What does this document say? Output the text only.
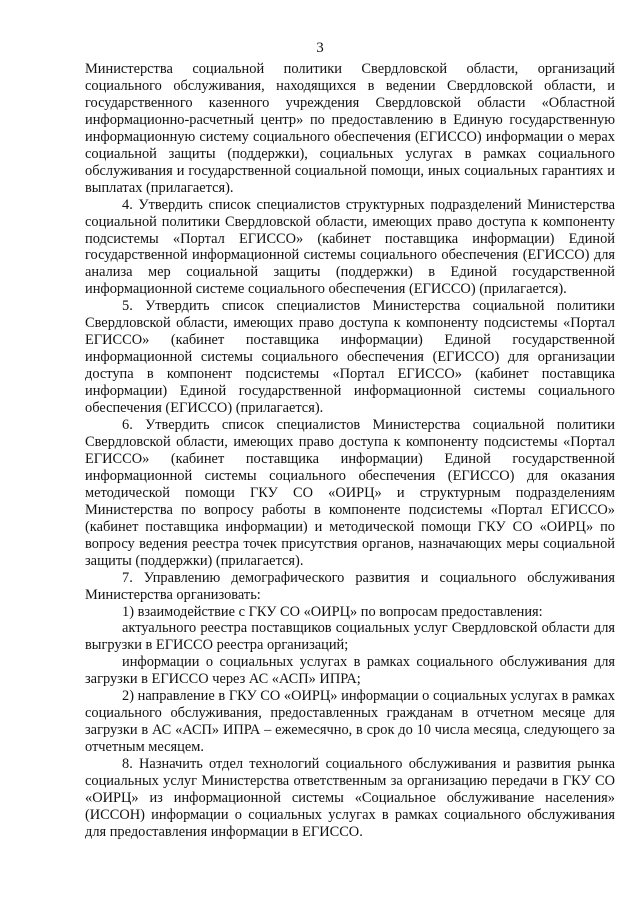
3

Министерства социальной политики Свердловской области, организаций социального обслуживания, находящихся в ведении Свердловской области, и государственного казенного учреждения Свердловской области «Областной информационно-расчетный центр» по предоставлению в Единую государственную информационную систему социального обеспечения (ЕГИССО) информации о мерах социальной защиты (поддержки), социальных услугах в рамках социального обслуживания и государственной социальной помощи, иных социальных гарантиях и выплатах (прилагается).

4. Утвердить список специалистов структурных подразделений Министерства социальной политики Свердловской области, имеющих право доступа к компоненту подсистемы «Портал ЕГИССО» (кабинет поставщика информации) Единой государственной информационной системы социального обеспечения (ЕГИССО) для анализа мер социальной защиты (поддержки) в Единой государственной информационной системе социального обеспечения (ЕГИССО) (прилагается).

5. Утвердить список специалистов Министерства социальной политики Свердловской области, имеющих право доступа к компоненту подсистемы «Портал ЕГИССО» (кабинет поставщика информации) Единой государственной информационной системы социального обеспечения (ЕГИССО) для организации доступа в компонент подсистемы «Портал ЕГИССО» (кабинет поставщика информации) Единой государственной информационной системы социального обеспечения (ЕГИССО) (прилагается).

6. Утвердить список специалистов Министерства социальной политики Свердловской области, имеющих право доступа к компоненту подсистемы «Портал ЕГИССО» (кабинет поставщика информации) Единой государственной информационной системы социального обеспечения (ЕГИССО) для оказания методической помощи ГКУ СО «ОИРЦ» и структурным подразделениям Министерства по вопросу работы в компоненте подсистемы «Портал ЕГИССО» (кабинет поставщика информации) и методической помощи ГКУ СО «ОИРЦ» по вопросу ведения реестра точек присутствия органов, назначающих меры социальной защиты (поддержки) (прилагается).

7. Управлению демографического развития и социального обслуживания Министерства организовать:

1) взаимодействие с ГКУ СО «ОИРЦ» по вопросам предоставления:

актуального реестра поставщиков социальных услуг Свердловской области для выгрузки в ЕГИССО реестра организаций;

информации о социальных услугах в рамках социального обслуживания для загрузки в ЕГИССО через АС «АСП» ИПРА;

2) направление в ГКУ СО «ОИРЦ» информации о социальных услугах в рамках социального обслуживания, предоставленных гражданам в отчетном месяце для загрузки в АС «АСП» ИПРА – ежемесячно, в срок до 10 числа месяца, следующего за отчетным месяцем.

8. Назначить отдел технологий социального обслуживания и развития рынка социальных услуг Министерства ответственным за организацию передачи в ГКУ СО «ОИРЦ» из информационной системы «Социальное обслуживание населения» (ИССОН) информации о социальных услугах в рамках социального обслуживания для предоставления информации в ЕГИССО.
